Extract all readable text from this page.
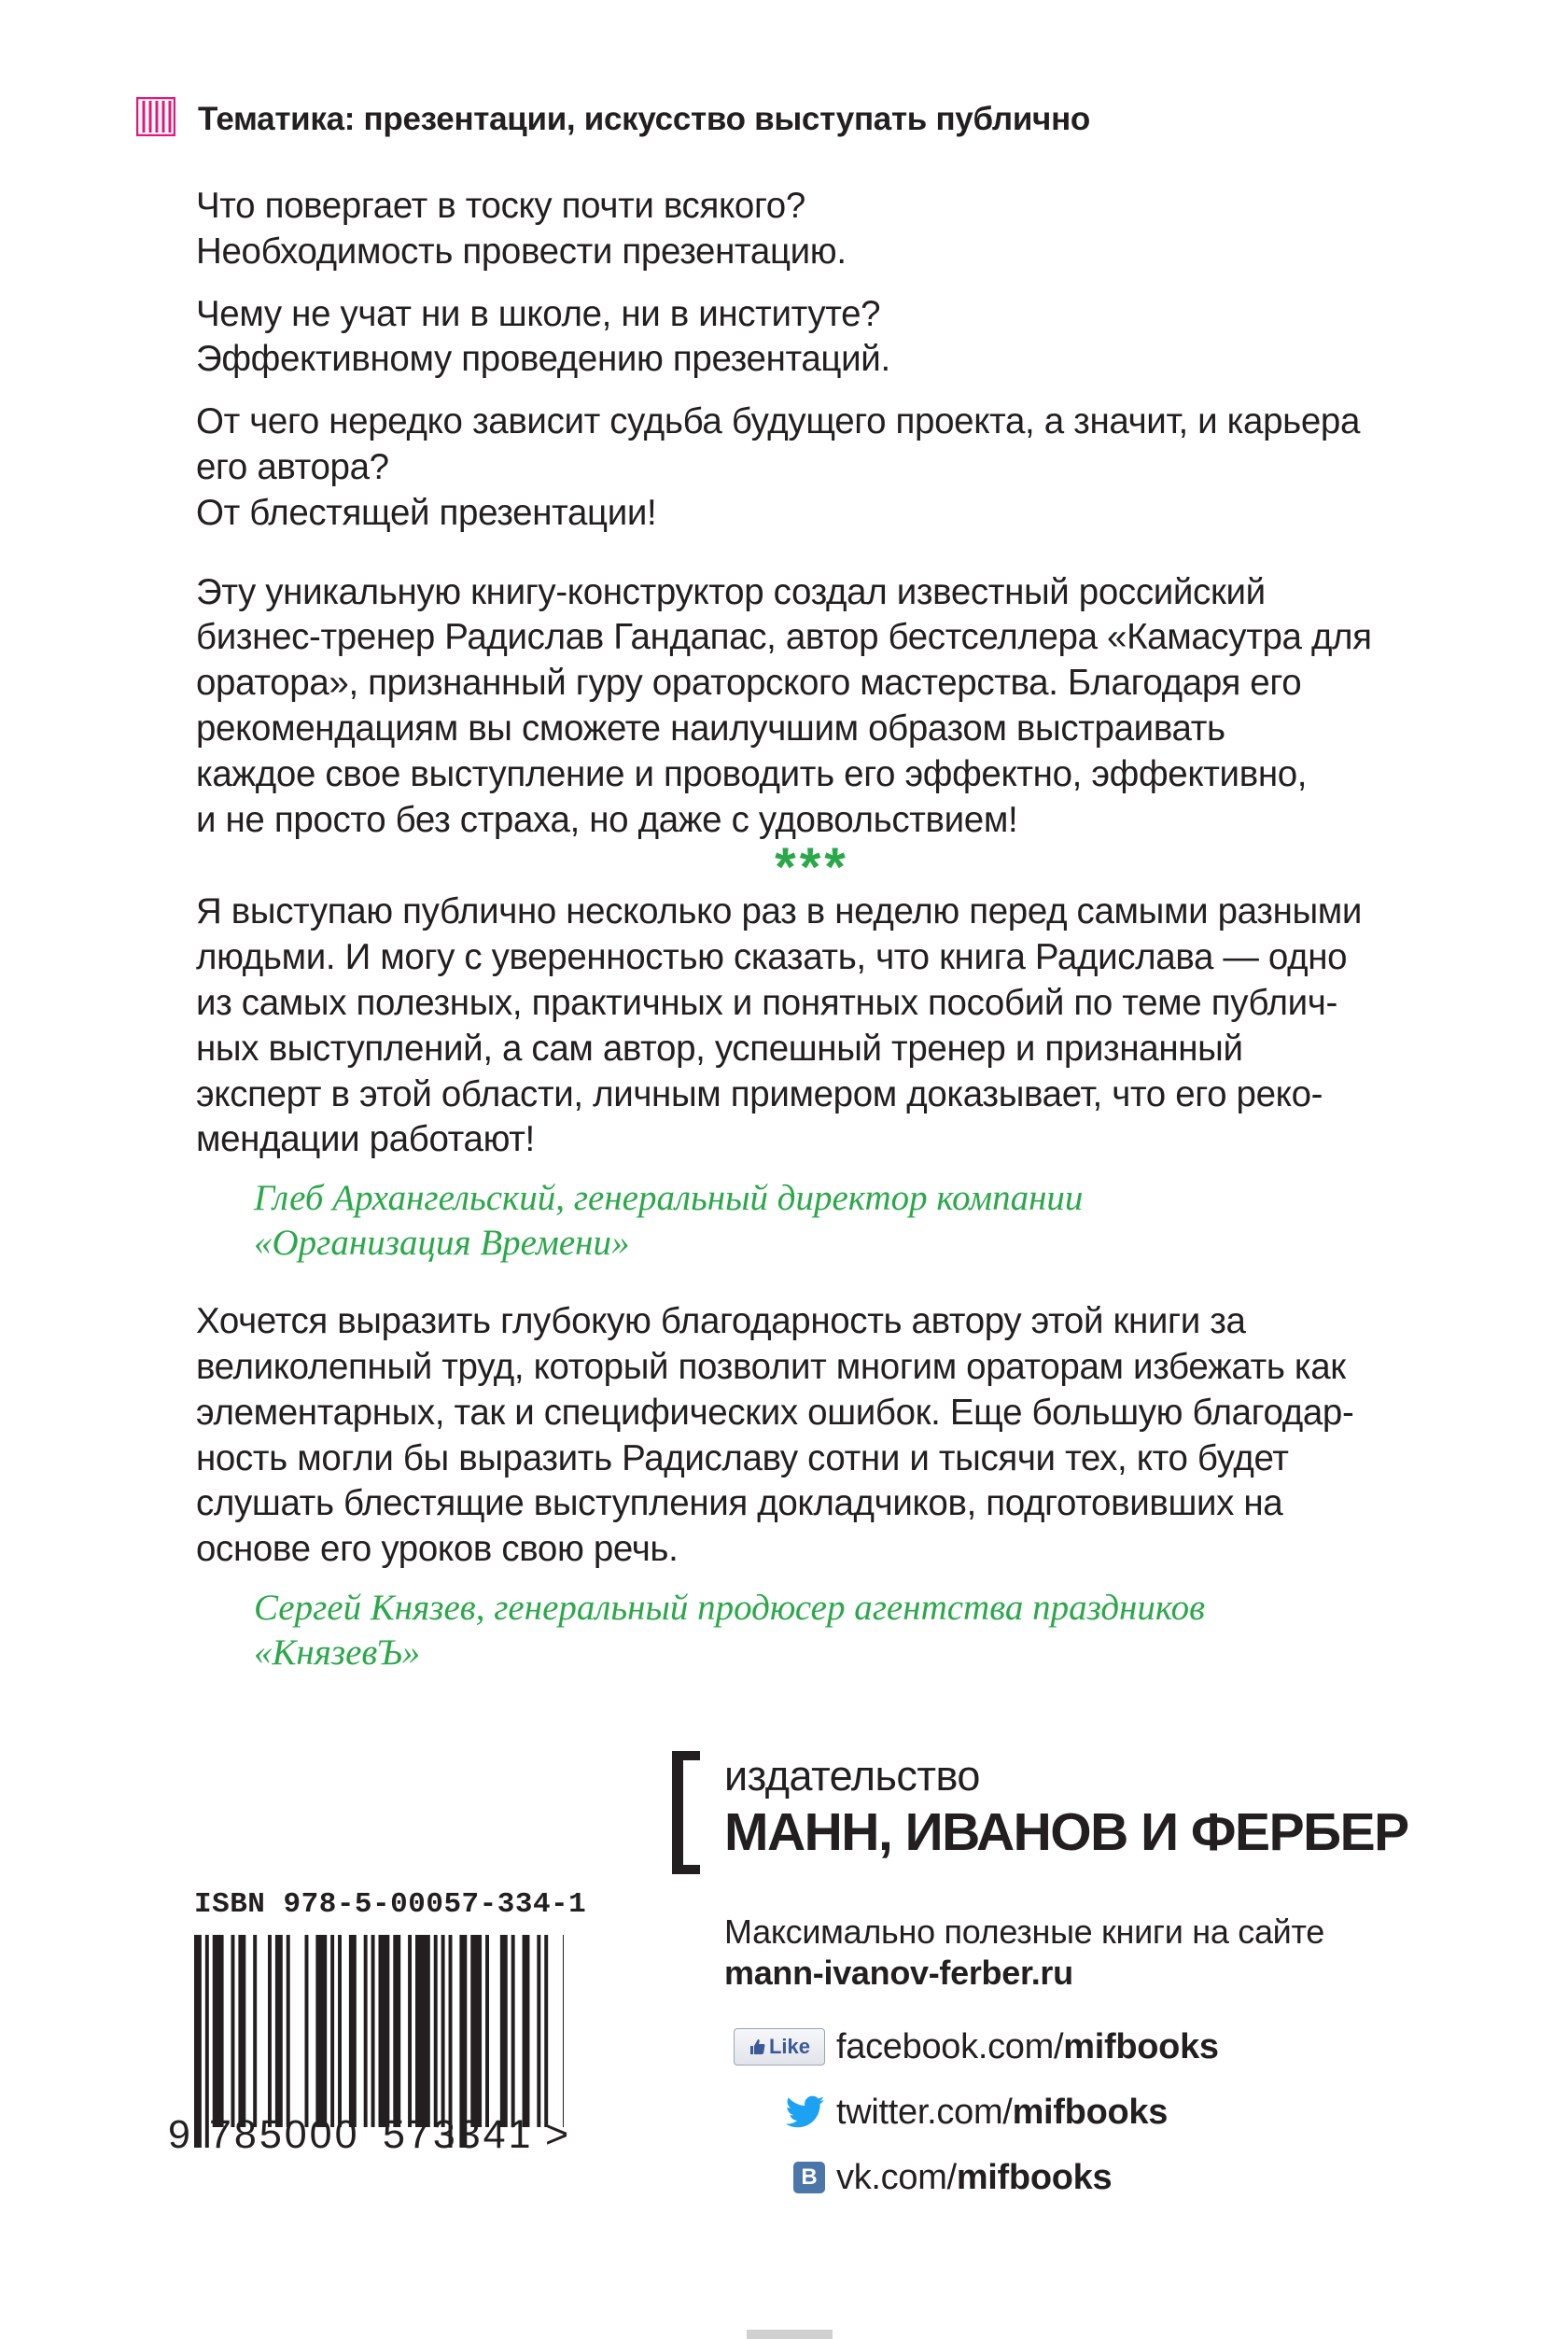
Тематика: презентации, искусство выступать публично
Что повергает в тоску почти всякого?
Необходимость провести презентацию.
Чему не учат ни в школе, ни в институте?
Эффективному проведению презентаций.
От чего нередко зависит судьба будущего проекта, а значит, и карьера
его автора?
От блестящей презентации!
Эту уникальную книгу-конструктор создал известный российский
бизнес-тренер Радислав Гандапас, автор бестселлера «Камасутра для
оратора», признанный гуру ораторского мастерства. Благодаря его
рекомендациям вы сможете наилучшим образом выстраивать
каждое свое выступление и проводить его эффектно, эффективно,
и не просто без страха, но даже с удовольствием!
***
Я выступаю публично несколько раз в неделю перед самыми разными
людьми. И могу с уверенностью сказать, что книга Радислава — одно
из самых полезных, практичных и понятных пособий по теме публич-
ных выступлений, а сам автор, успешный тренер и признанный
эксперт в этой области, личным примером доказывает, что его реко-
мендации работают!
Глеб Архангельский, генеральный директор компании
«Организация Времени»
Хочется выразить глубокую благодарность автору этой книги за
великолепный труд, который позволит многим ораторам избежать как
элементарных, так и специфических ошибок. Еще большую благодар-
ность могли бы выразить Радиславу сотни и тысячи тех, кто будет
слушать блестящие выступления докладчиков, подготовивших на
основе его уроков свою речь.
Сергей Князев, генеральный продюсер агентства праздников
«КнязевЪ»
издательство
МАНН, ИВАНОВ И ФЕРБЕР
Максимально полезные книги на сайте
mann-ivanov-ferber.ru
Like facebook.com/mifbooks
twitter.com/mifbooks
В vk.com/mifbooks
ISBN 978-5-00057-334-1
9 785000 573341 >
